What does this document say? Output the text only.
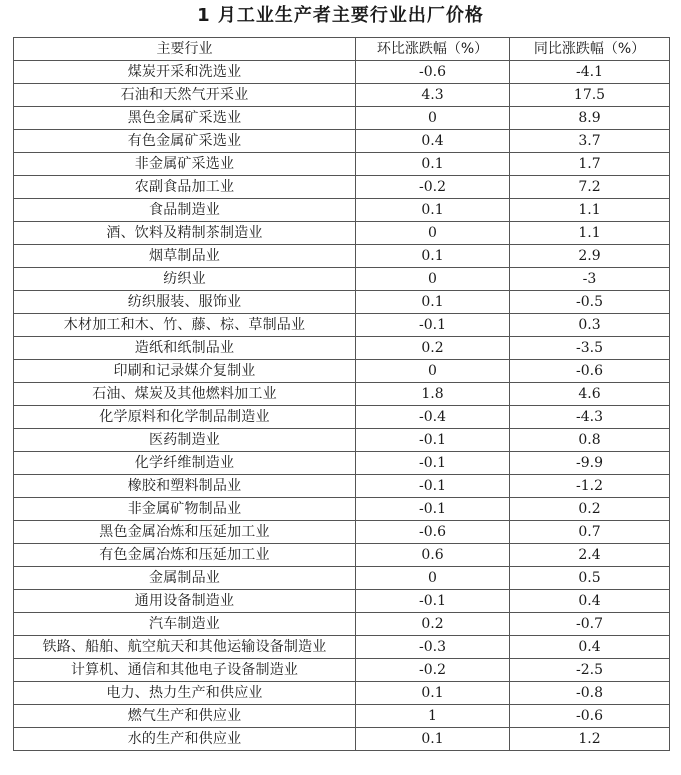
1 月工业生产者主要行业出厂价格
主要行业	环比涨跌幅（%）	同比涨跌幅（%）
煤炭开采和洗选业	-0.6	-4.1
石油和天然气开采业	4.3	17.5
黑色金属矿采选业	0	8.9
有色金属矿采选业	0.4	3.7
非金属矿采选业	0.1	1.7
农副食品加工业	-0.2	7.2
食品制造业	0.1	1.1
酒、饮料及精制茶制造业	0	1.1
烟草制品业	0.1	2.9
纺织业	0	-3
纺织服装、服饰业	0.1	-0.5
木材加工和木、竹、藤、棕、草制品业	-0.1	0.3
造纸和纸制品业	0.2	-3.5
印刷和记录媒介复制业	0	-0.6
石油、煤炭及其他燃料加工业	1.8	4.6
化学原料和化学制品制造业	-0.4	-4.3
医药制造业	-0.1	0.8
化学纤维制造业	-0.1	-9.9
橡胶和塑料制品业	-0.1	-1.2
非金属矿物制品业	-0.1	0.2
黑色金属冶炼和压延加工业	-0.6	0.7
有色金属冶炼和压延加工业	0.6	2.4
金属制品业	0	0.5
通用设备制造业	-0.1	0.4
汽车制造业	0.2	-0.7
铁路、船舶、航空航天和其他运输设备制造业	-0.3	0.4
计算机、通信和其他电子设备制造业	-0.2	-2.5
电力、热力生产和供应业	0.1	-0.8
燃气生产和供应业	1	-0.6
水的生产和供应业	0.1	1.2
